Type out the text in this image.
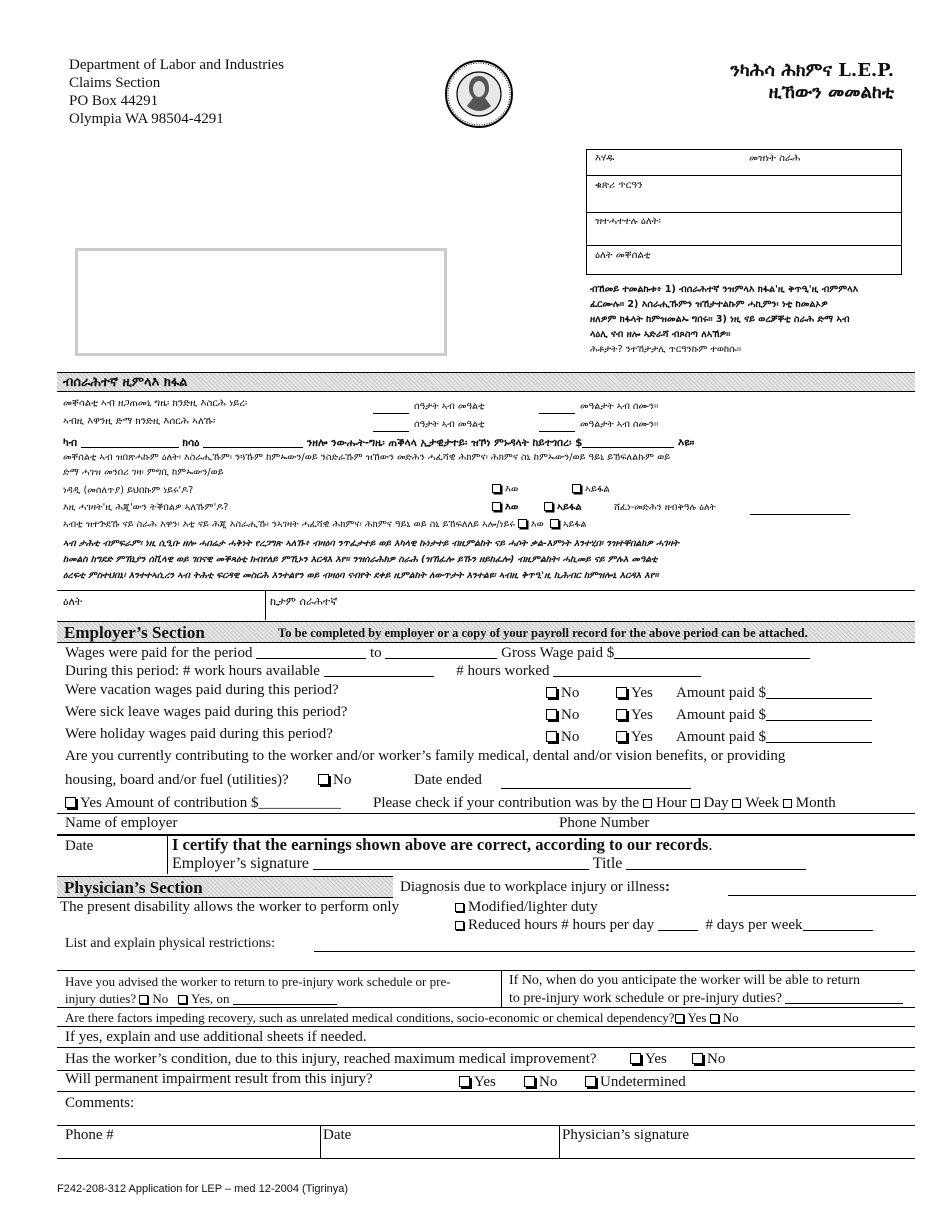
Department of Labor and Industries
Claims Section
PO Box 44291
Olympia WA 98504-4291
ንካሕሳ ሕክምና L.E.P.
ዚኸውን መመልከቲ
እሃዱ	መዝነት ስራሕ
ቁጽሪ ጥርዓን
ዝተሓተተሉ ዕለት፡
ዕለት መቐሰልቲ
ብኸመይ ተመልኩቱ፥ 1) ብሰራሕተኛ ንዝምላእ ክፋል'ዚ ቅጥዒ'ዚ ብምምላእ
ፈርሙሉ። 2) እሰራሒኹምን ዝኸታተልኩም ሓኪምን፡ ነቲ ከመልኦዎ
ዘለዎም ክፋላት ከምዝመልኡ ግበሩ። 3) ነዚ ናይ ወረቓቐቲ ስራሕ ድማ ኣብ
ላዕሊ ናብ ዘሎ ኣድራሻ ብጾስጣ ለኣኽዎ።
ሕቶታት? ንተኸታታሊ ጥርዓንኩም ተወከሱ።
ብሰራሕተኛ ዚምላእ ክፋል
መቐሳልቲ ኣብ ዘጋጠመኒ ግዜ፡ ክንድዚ እስርሕ ነይረ፡	ሰዓታት ኣብ መዓልቲ	መዓልታት ኣብ ሰሙን።
ኣብዚ እዋንዚ ድማ ክንድዚ እሰርሕ ኣለኹ፡	ሰዓታት ኣብ መዓልቲ	መዓልታት ኣብ ሰሙን።
ካብ	ክሳዕ	ንዘሎ ንውሑት-ግዜ፡ ጠቕላላ ኢታዊታተይ፡ ዝኾነ ምኑዳላት ከይተጎበረ፡ $	እዩ።
መቐሰልቲ ኣብ ዝበጽሓኩም ዕለት፡ እስራሒኹም፡ ንጓኹም ከምኡውን/ወይ ንስድራኹም ዝኸውን መድሕን ሓፈሻዊ ሕክምና፡ ሕክምና ስኒ ከምኡውን/ወይ ዓይኒ ይኽፍለልኩም ወይ
ድማ ሓገዝ መንበሪ ገዛ፡ ምግቢ ከምኡውን/ወይ
ነዳዲ (መሰለጥያ) ይህበኩም ነይሩ'ዶ?	እወ	ኣይፋል
እዚ ሓገዛት'ዚ ሕጂ'ውን ትቕበልዎ ኣለኹም'ዶ?	እወ	ኣይፋል	ሸፈነ-መድሕን ዘብቅዓሉ ዕለት
ኣብቲ ዝተጕደኹ ናይ ስራሕ እዋን፡ እቲ ናይ ሕጂ እስራሒኹ፡ ንኣገዛት ሓፈሻዊ ሕክምና፡ ሕክምና ዓይኒ ወይ ስኒ ይኸፍለለይ ኣሎ/ነይሩ እወ ኣይፋል
ኣብ ታሕቲ ብምፍራም፡ ነዚ ሲዒቡ ዘሎ ሓበሬታ ሓቅነት የረጋግጽ ኣለኹ፥ ብዛዕባ ንጥፈታተይ ወይ እካላዊ ኩነታተይ ብዚምልከት ናይ ሓሶት ቃል-እምነት እንተሂበ፡ ንዝተቐበልክዎ ሓገዛት
ከመልስ ከግደድ ምኽኒያን ሰቪላዊ ወይ ገበናዊ መቕጻዕቲ ክብየለይ ምኺኑን እርዳእ እየ። ንዝሰራሕክዎ ስራሕ (ዝኸፈሎ ይኹን ዘይከፈሎ) ብዚምልከት፡ ሓኪመይ ናይ ምሉእ መዓልቲ
ዕረፍቲ ምስተህበኒ፡ እንተተኣሲረን ኣብ ትሕቲ ፍርዳዊ መስርሕ እንተልየን ወይ ብዛዕባ ናብየት ደቀይ ዚምልከት ለውጥታት እንተልዩ፡ ኣብዚ ቅጥዒ'ዚ ኪሕብር ከምዝሎኒ እርዳእ እየ።
ዕለት	ኪታም ሰራሕተኛ
Employer’s Section	To be completed by employer or a copy of your payroll record for the above period can be attached.
Wages were paid for the period	to	Gross Wage paid $
During this period: # work hours available	# hours worked
Were vacation wages paid during this period?	No	Yes Amount paid $
Were sick leave wages paid during this period?	No	Yes Amount paid $
Were holiday wages paid during this period?	No	Yes Amount paid $
Are you currently contributing to the worker and/or worker’s family medical, dental and/or vision benefits, or providing
housing, board and/or fuel (utilities)?	No	Date ended
Yes Amount of contribution $___________ Please check if your contribution was by the Hour Day Week Month
Name of employer	Phone Number
Date	I certify that the earnings shown above are correct, according to our records.
Employer’s signature	Title
Physician’s Section	Diagnosis due to workplace injury or illness:
The present disability allows the worker to perform only	Modified/lighter duty
Reduced hours # hours per day	# days per week
List and explain physical restrictions:
Have you advised the worker to return to pre-injury work schedule or pre-
injury duties? No Yes, on
If No, when do you anticipate the worker will be able to return
to pre-injury work schedule or pre-injury duties?
Are there factors impeding recovery, such as unrelated medical conditions, socio-economic or chemical dependency? Yes No
If yes, explain and use additional sheets if needed.
Has the worker’s condition, due to this injury, reached maximum medical improvement?	Yes	No
Will permanent impairment result from this injury?	Yes	No	Undetermined
Comments:
Phone #	Date	Physician’s signature
F242-208-312 Application for LEP – med 12-2004 (Tigrinya)
